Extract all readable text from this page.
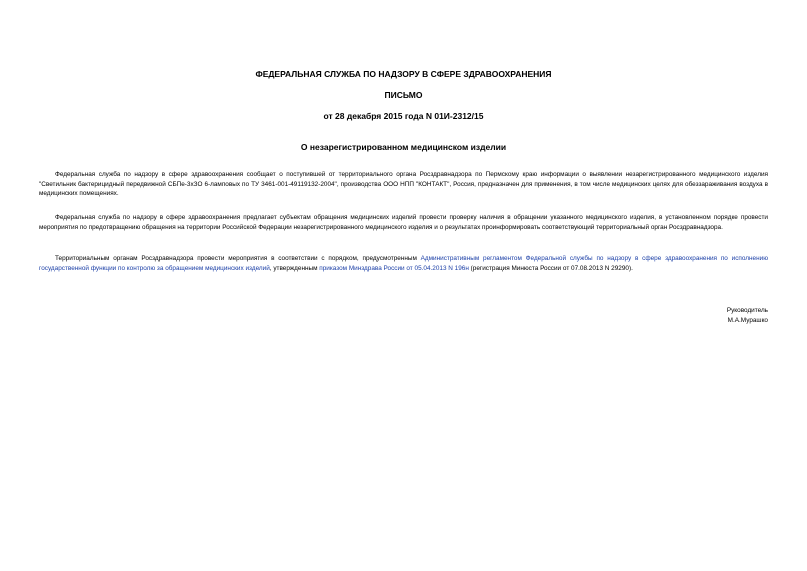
ФЕДЕРАЛЬНАЯ СЛУЖБА ПО НАДЗОРУ В СФЕРЕ ЗДРАВООХРАНЕНИЯ
ПИСЬМО
от 28 декабря 2015 года N 01И-2312/15
О незарегистрированном медицинском изделии

Федеральная служба по надзору в сфере здравоохранения сообщает о поступившей от территориального органа Росздравнадзора по Пермскому краю информации о выявлении незарегистрированного медицинского изделия "Светильник бактерицидный передвижной СБПе-3хЗО 6-ламповых по ТУ 3461-001-49119132-2004", производства ООО НПП "КОНТАКТ", Россия, предназначен для применения, в том числе медицинских целях для обеззараживания воздуха в медицинских помещениях.

Федеральная служба по надзору в сфере здравоохранения предлагает субъектам обращения медицинских изделий провести проверку наличия в обращении указанного медицинского изделия, в установленном порядке провести мероприятия по предотвращению обращения на территории Российской Федерации незарегистрированного медицинского изделия и о результатах проинформировать соответствующий территориальный орган Росздравнадзора.

Территориальным органам Росздравнадзора провести мероприятия в соответствии с порядком, предусмотренным Административным регламентом Федеральной службы по надзору в сфере здравоохранения по исполнению государственной функции по контролю за обращением медицинских изделий, утвержденным приказом Минздрава России от 05.04.2013 N 196н (регистрация Минюста России от 07.08.2013 N 29290).

Руководитель
М.А.Мурашко
